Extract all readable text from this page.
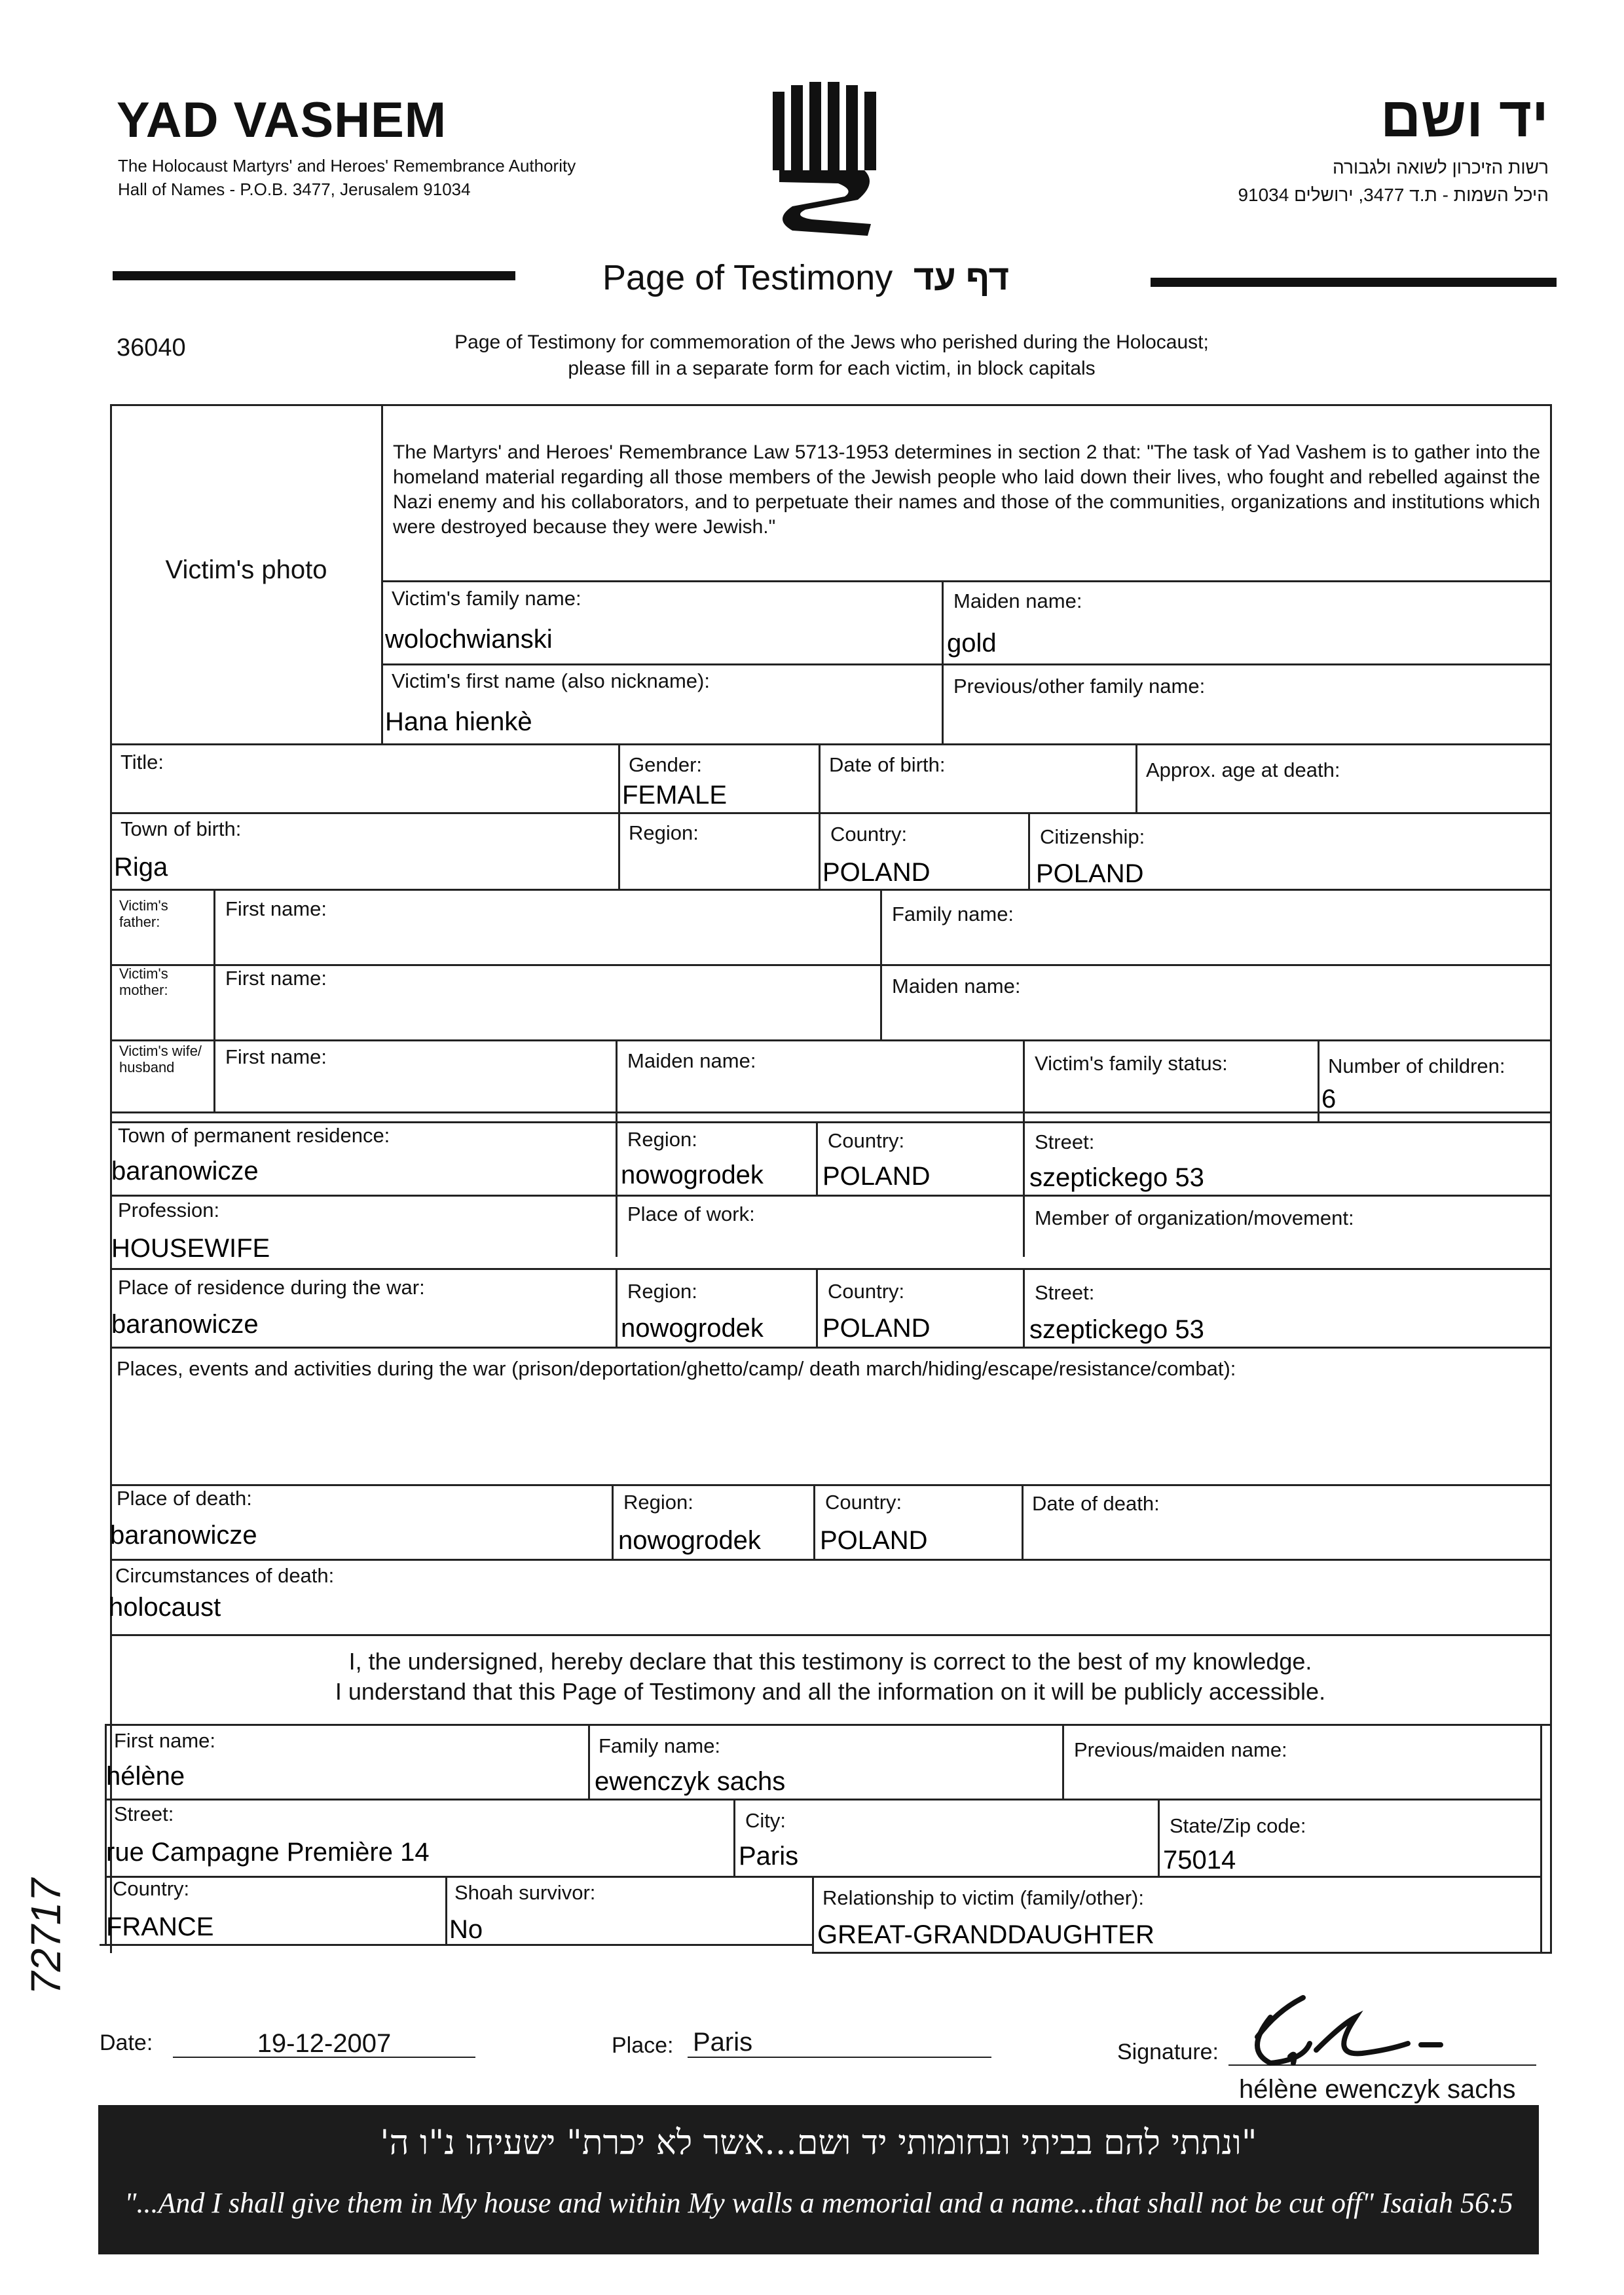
YAD VASHEM
The Holocaust Martyrs' and Heroes' Remembrance Authority
Hall of Names - P.O.B. 3477, Jerusalem 91034
יד ושם
רשות הזיכרון לשואה ולגבורה
היכל השמות - ת.ד 3477, ירושלים 91034
Page of Testimony דף עד
36040	Page of Testimony for commemoration of the Jews who perished during the Holocaust;
please fill in a separate form for each victim, in block capitals
Victim's photo
The Martyrs' and Heroes' Remembrance Law 5713-1953 determines in section 2 that: "The task of Yad Vashem is to gather into the homeland material regarding all those members of the Jewish people who laid down their lives, who fought and rebelled against the Nazi enemy and his collaborators, and to perpetuate their names and those of the communities, organizations and institutions which were destroyed because they were Jewish."
Victim's family name:
wolochwianski
Maiden name:
gold
Victim's first name (also nickname):
Hana hienkè
Previous/other family name:
Title:	Gender:
FEMALE
Date of birth:	Approx. age at death:
Town of birth:
Riga
Region:	Country:
POLAND
Citizenship:
POLAND
Victim's father:
First name:	Family name:
Victim's mother:
First name:	Maiden name:
Victim's wife/ husband	First name:	Maiden name:	Victim's family status:	Number of children:
6
Town of permanent residence:
baranowicze
Region:
nowogrodek
Country:
POLAND
Street:
szeptickego 53
Profession:
HOUSEWIFE
Place of work:	Member of organization/movement:
Place of residence during the war:
baranowicze
Region:
nowogrodek
Country:
POLAND
Street:
szeptickego 53
Places, events and activities during the war (prison/deportation/ghetto/camp/ death march/hiding/escape/resistance/combat):
Place of death:
baranowicze
Region:
nowogrodek
Country:
POLAND
Date of death:
Circumstances of death:
holocaust
I, the undersigned, hereby declare that this testimony is correct to the best of my knowledge.
I understand that this Page of Testimony and all the information on it will be publicly accessible.
First name:
hélène
Family name:
ewenczyk sachs
Previous/maiden name:
Street:
rue Campagne Première 14
City:
Paris
State/Zip code:
75014
Country:
FRANCE
Shoah survivor:
No
Relationship to victim (family/other):
GREAT-GRANDDAUGHTER
72717
Date:	19-12-2007	Place: Paris	Signature:
hélène ewenczyk sachs
"ונתתי להם בביתי ובחומותי יד ושם...אשר לא יכרת" ישעיהו נ"ו ה'
"...And I shall give them in My house and within My walls a memorial and a name...that shall not be cut off" Isaiah 56:5
